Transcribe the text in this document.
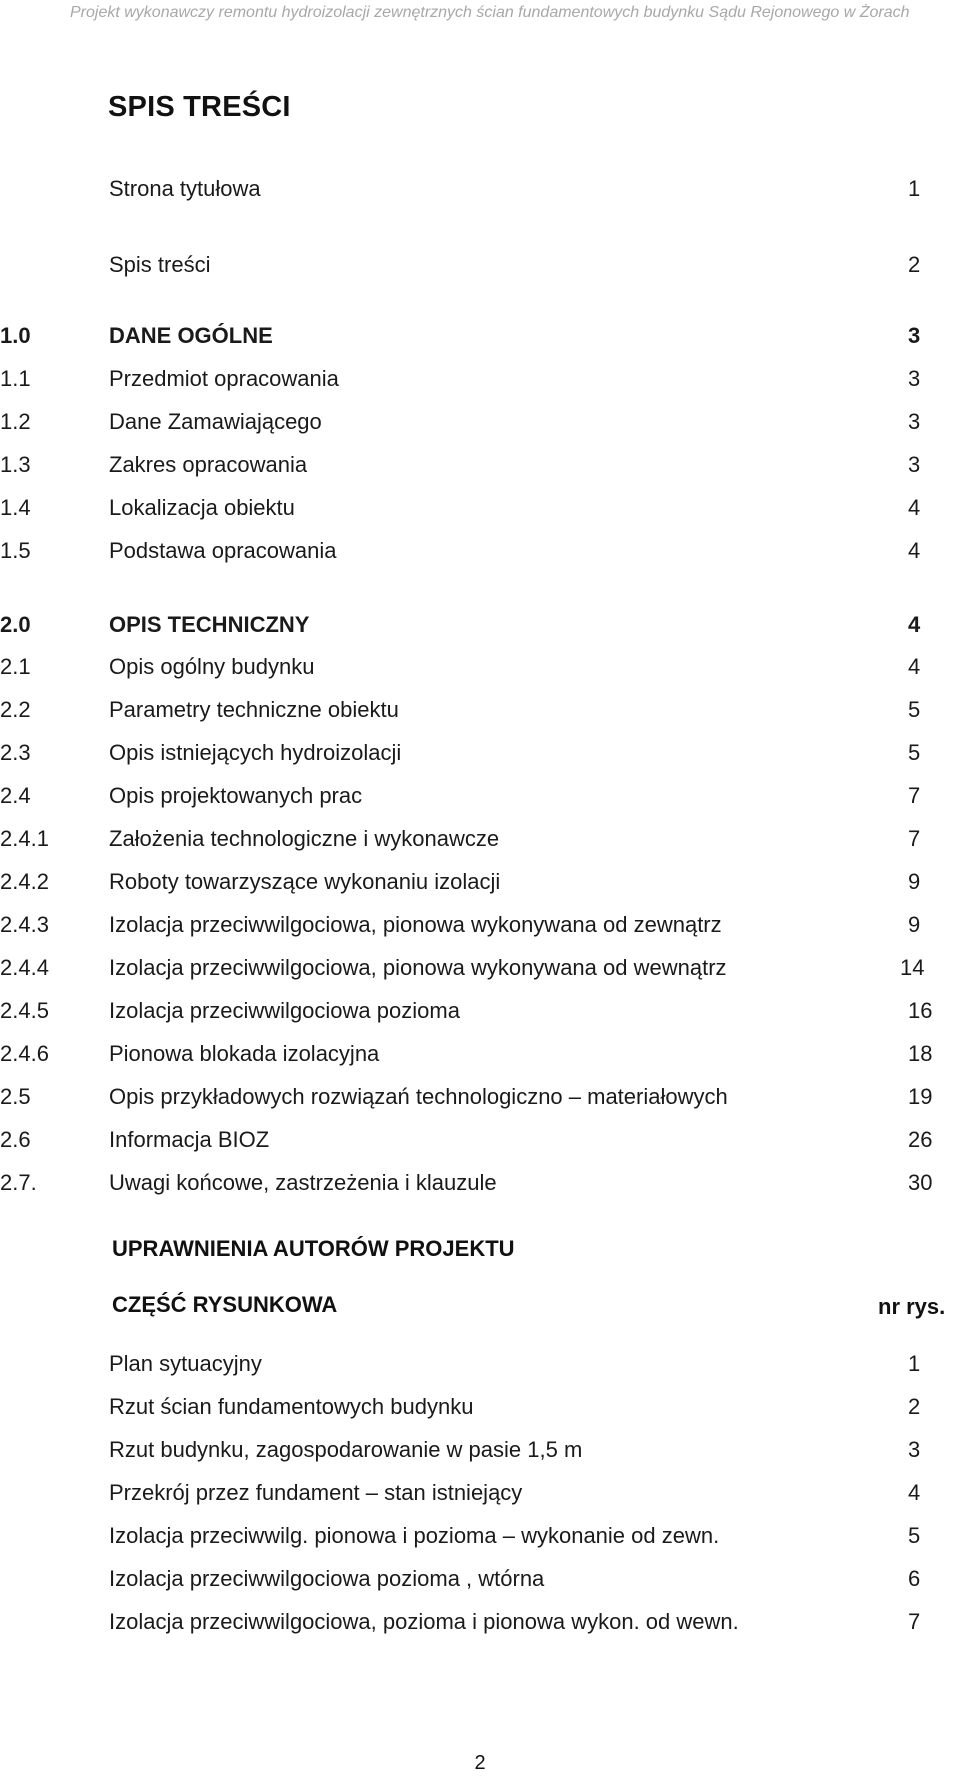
Projekt wykonawczy remontu hydroizolacji zewnętrznych ścian fundamentowych budynku Sądu Rejonowego w Żorach
SPIS TREŚCI
Strona tytułowa	1
Spis treści	2
1.0	DANE OGÓLNE	3
1.1	Przedmiot opracowania	3
1.2	Dane Zamawiającego	3
1.3	Zakres opracowania	3
1.4	Lokalizacja obiektu	4
1.5	Podstawa opracowania	4
2.0	OPIS TECHNICZNY	4
2.1	Opis ogólny budynku	4
2.2	Parametry techniczne obiektu	5
2.3	Opis istniejących hydroizolacji	5
2.4	Opis projektowanych prac	7
2.4.1	Założenia technologiczne i wykonawcze	7
2.4.2	Roboty towarzyszące wykonaniu izolacji	9
2.4.3	Izolacja przeciwwilgociowa, pionowa wykonywana od zewnątrz	9
2.4.4	Izolacja przeciwwilgociowa, pionowa wykonywana od wewnątrz	14
2.4.5	Izolacja przeciwwilgociowa pozioma	16
2.4.6	Pionowa blokada izolacyjna	18
2.5	Opis przykładowych rozwiązań technologiczno – materiałowych	19
2.6	Informacja BIOZ	26
2.7.	Uwagi końcowe, zastrzeżenia i klauzule	30
UPRAWNIENIA AUTORÓW PROJEKTU
CZĘŚĆ RYSUNKOWA	nr rys.
Plan sytuacyjny	1
Rzut ścian fundamentowych budynku	2
Rzut budynku, zagospodarowanie w pasie 1,5 m	3
Przekrój przez fundament – stan istniejący	4
Izolacja przeciwwilg. pionowa i pozioma – wykonanie od zewn.	5
Izolacja przeciwwilgociowa pozioma , wtórna	6
Izolacja przeciwwilgociowa, pozioma i pionowa wykon. od wewn.	7
2
